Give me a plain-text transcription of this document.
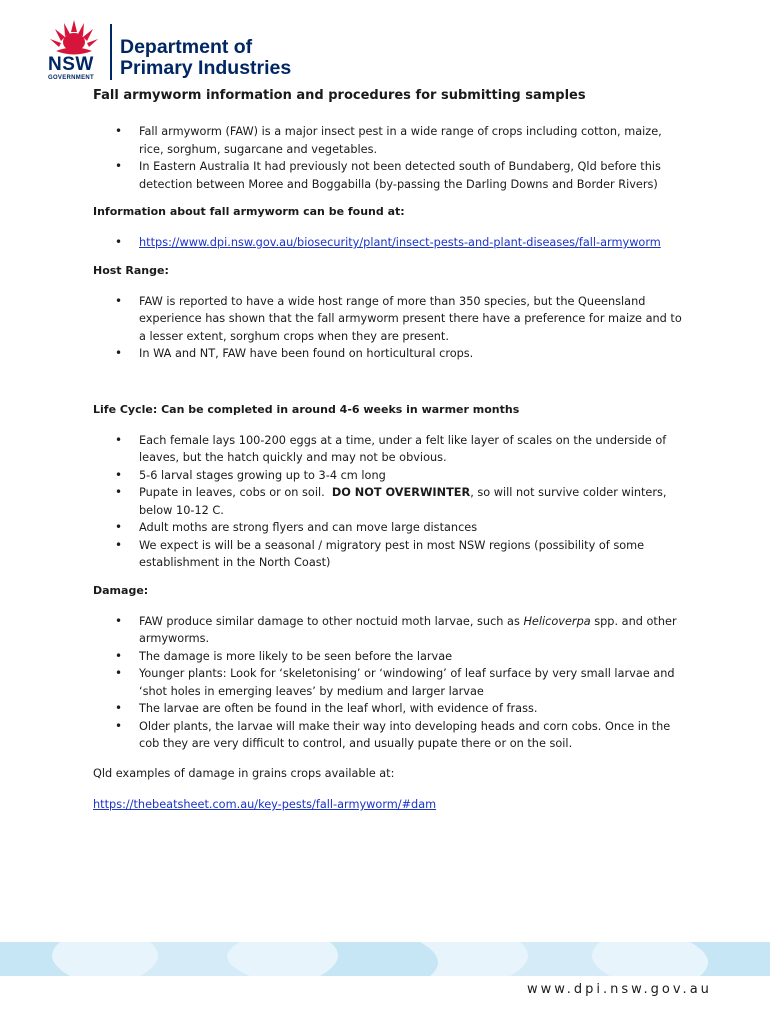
NSW
GOVERNMENT
Department of
Primary Industries
Fall armyworm information and procedures for submitting samples
• Fall armyworm (FAW) is a major insect pest in a wide range of crops including cotton, maize, rice, sorghum, sugarcane and vegetables.
• In Eastern Australia It had previously not been detected south of Bundaberg, Qld before this detection between Moree and Boggabilla (by-passing the Darling Downs and Border Rivers)
Information about fall armyworm can be found at:
• https://www.dpi.nsw.gov.au/biosecurity/plant/insect-pests-and-plant-diseases/fall-armyworm
Host Range:
• FAW is reported to have a wide host range of more than 350 species, but the Queensland experience has shown that the fall armyworm present there have a preference for maize and to a lesser extent, sorghum crops when they are present.
• In WA and NT, FAW have been found on horticultural crops.
Life Cycle: Can be completed in around 4-6 weeks in warmer months
• Each female lays 100-200 eggs at a time, under a felt like layer of scales on the underside of leaves, but the hatch quickly and may not be obvious.
• 5-6 larval stages growing up to 3-4 cm long
• Pupate in leaves, cobs or on soil. DO NOT OVERWINTER, so will not survive colder winters, below 10-12 C.
• Adult moths are strong flyers and can move large distances
• We expect is will be a seasonal / migratory pest in most NSW regions (possibility of some establishment in the North Coast)
Damage:
• FAW produce similar damage to other noctuid moth larvae, such as Helicoverpa spp. and other armyworms.
• The damage is more likely to be seen before the larvae
• Younger plants: Look for ‘skeletonising’ or ‘windowing’ of leaf surface by very small larvae and ‘shot holes in emerging leaves’ by medium and larger larvae
• The larvae are often be found in the leaf whorl, with evidence of frass.
• Older plants, the larvae will make their way into developing heads and corn cobs. Once in the cob they are very difficult to control, and usually pupate there or on the soil.

Qld examples of damage in grains crops available at:

https://thebeatsheet.com.au/key-pests/fall-armyworm/#dam

www.dpi.nsw.gov.au
